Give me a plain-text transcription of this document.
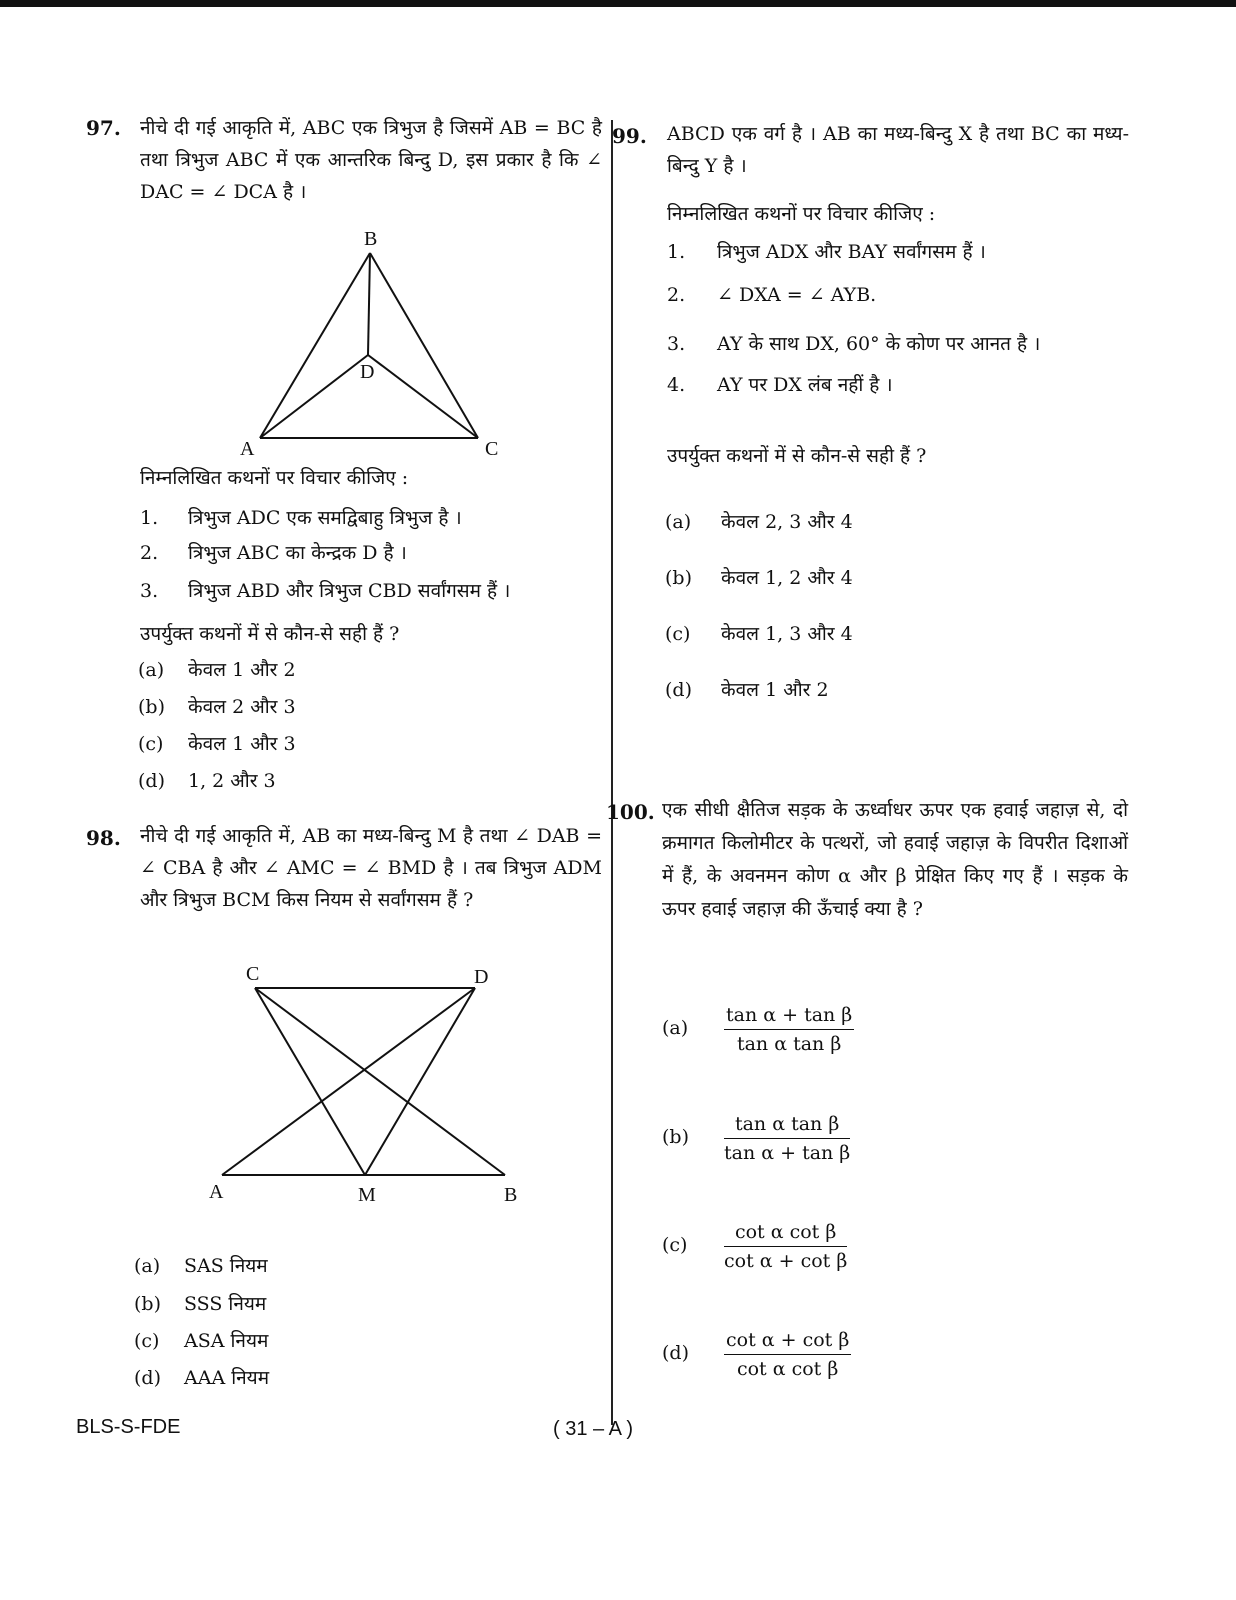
97. नीचे दी गई आकृति में, ABC एक त्रिभुज है जिसमें AB = BC है तथा त्रिभुज ABC में एक आन्तरिक बिन्दु D, इस प्रकार है कि ∠ DAC = ∠ DCA है ।
B
D
A	C
निम्नलिखित कथनों पर विचार कीजिए :
1. त्रिभुज ADC एक समद्विबाहु त्रिभुज है ।
2. त्रिभुज ABC का केन्द्रक D है ।
3. त्रिभुज ABD और त्रिभुज CBD सर्वांगसम हैं ।
उपर्युक्त कथनों में से कौन-से सही हैं ?
(a) केवल 1 और 2
(b) केवल 2 और 3
(c) केवल 1 और 3
(d) 1, 2 और 3
98. नीचे दी गई आकृति में, AB का मध्य-बिन्दु M है तथा ∠ DAB = ∠ CBA है और ∠ AMC = ∠ BMD है । तब त्रिभुज ADM और त्रिभुज BCM किस नियम से सर्वांगसम हैं ?
C	D
A	M	B
(a) SAS नियम
(b) SSS नियम
(c) ASA नियम
(d) AAA नियम
99. ABCD एक वर्ग है । AB का मध्य-बिन्दु X है तथा BC का मध्य-बिन्दु Y है ।
निम्नलिखित कथनों पर विचार कीजिए :
1. त्रिभुज ADX और BAY सर्वांगसम हैं ।
2. ∠ DXA = ∠ AYB.
3. AY के साथ DX, 60° के कोण पर आनत है ।
4. AY पर DX लंब नहीं है ।
उपर्युक्त कथनों में से कौन-से सही हैं ?
(a) केवल 2, 3 और 4
(b) केवल 1, 2 और 4
(c) केवल 1, 3 और 4
(d) केवल 1 और 2
100. एक सीधी क्षैतिज सड़क के ऊर्ध्वाधर ऊपर एक हवाई जहाज़ से, दो क्रमागत किलोमीटर के पत्थरों, जो हवाई जहाज़ के विपरीत दिशाओं में हैं, के अवनमन कोण α और β प्रेक्षित किए गए हैं । सड़क के ऊपर हवाई जहाज़ की ऊँचाई क्या है ?
$(a) \frac{\text{tan α + tan β}}{\text{tan α tan β}}$
$(b) \frac{\text{tan α tan β}}{\text{tan α + tan β}}$
$(c) \frac{\text{cot α cot β}}{\text{cot α + cot β}}$
$(d) \frac{\text{cot α + cot β}}{\text{cot α cot β}}$
BLS-S-FDE	( 31 – A )
